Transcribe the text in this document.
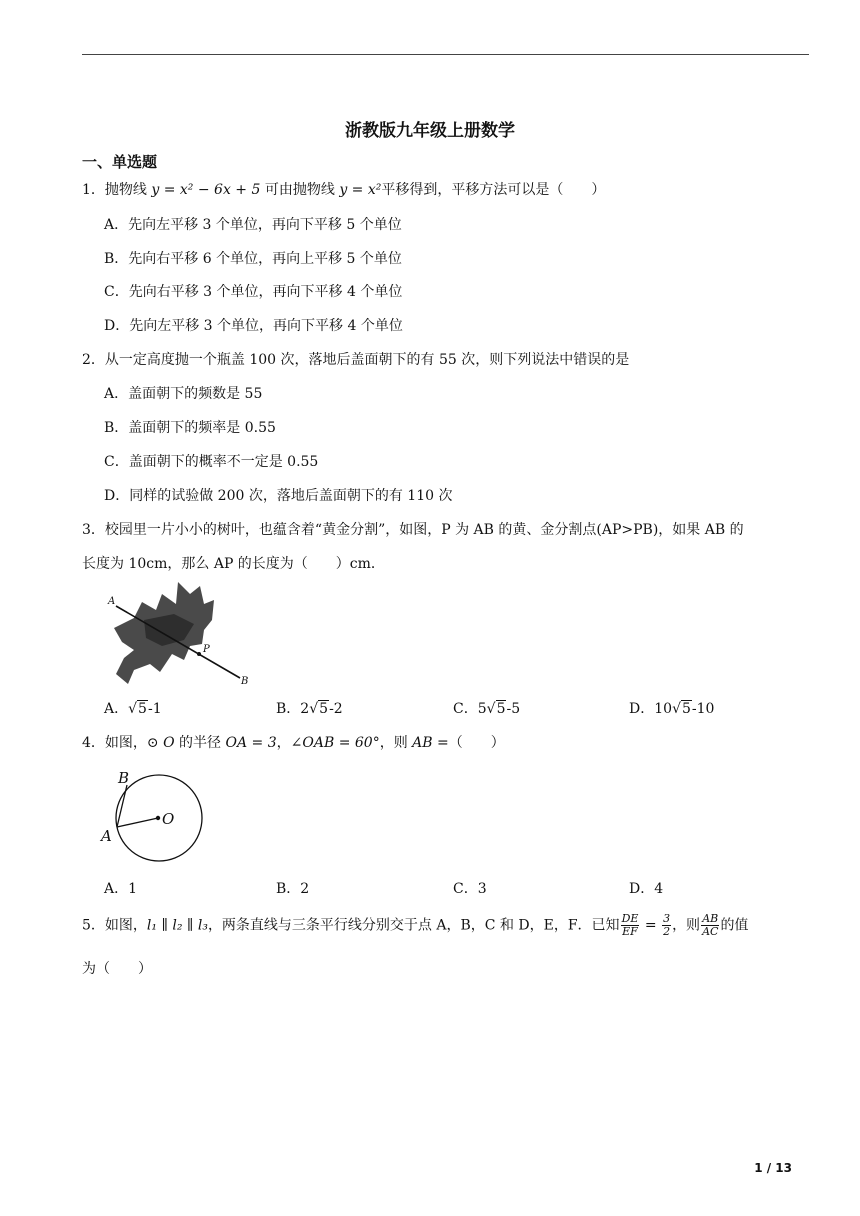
浙教版九年级上册数学
一、单选题
1．抛物线 y = x² − 6x + 5 可由抛物线 y = x²平移得到，平移方法可以是（　　）
A．先向左平移 3 个单位，再向下平移 5 个单位
B．先向右平移 6 个单位，再向上平移 5 个单位
C．先向右平移 3 个单位，再向下平移 4 个单位
D．先向左平移 3 个单位，再向下平移 4 个单位
2．从一定高度抛一个瓶盖 100 次，落地后盖面朝下的有 55 次，则下列说法中错误的是
A．盖面朝下的频数是 55
B．盖面朝下的频率是 0.55
C．盖面朝下的概率不一定是 0.55
D．同样的试验做 200 次，落地后盖面朝下的有 110 次
3．校园里一片小小的树叶，也蕴含着“黄金分割”，如图，P 为 AB 的黄、金分割点(AP>PB)，如果 AB 的
长度为 10cm，那么 AP 的长度为（　　）cm．
A
P
B
A．√5-1	B．2√5-2	C．5√5-5	D．10√5-10
4．如图，⊙ O 的半径 OA = 3，∠OAB = 60°，则 AB =（　　）
B
A
O
A．1	B．2	C．3	D．4
5．如图，l₁ ∥ l₂ ∥ l₃，两条直线与三条平行线分别交于点 A，B，C 和 D，E，F．已知 $\frac{DE}{EF} = \frac{3}{2}$ ，则 $\frac{AB}{AC}$ 的值
为（　　）
1 / 13
